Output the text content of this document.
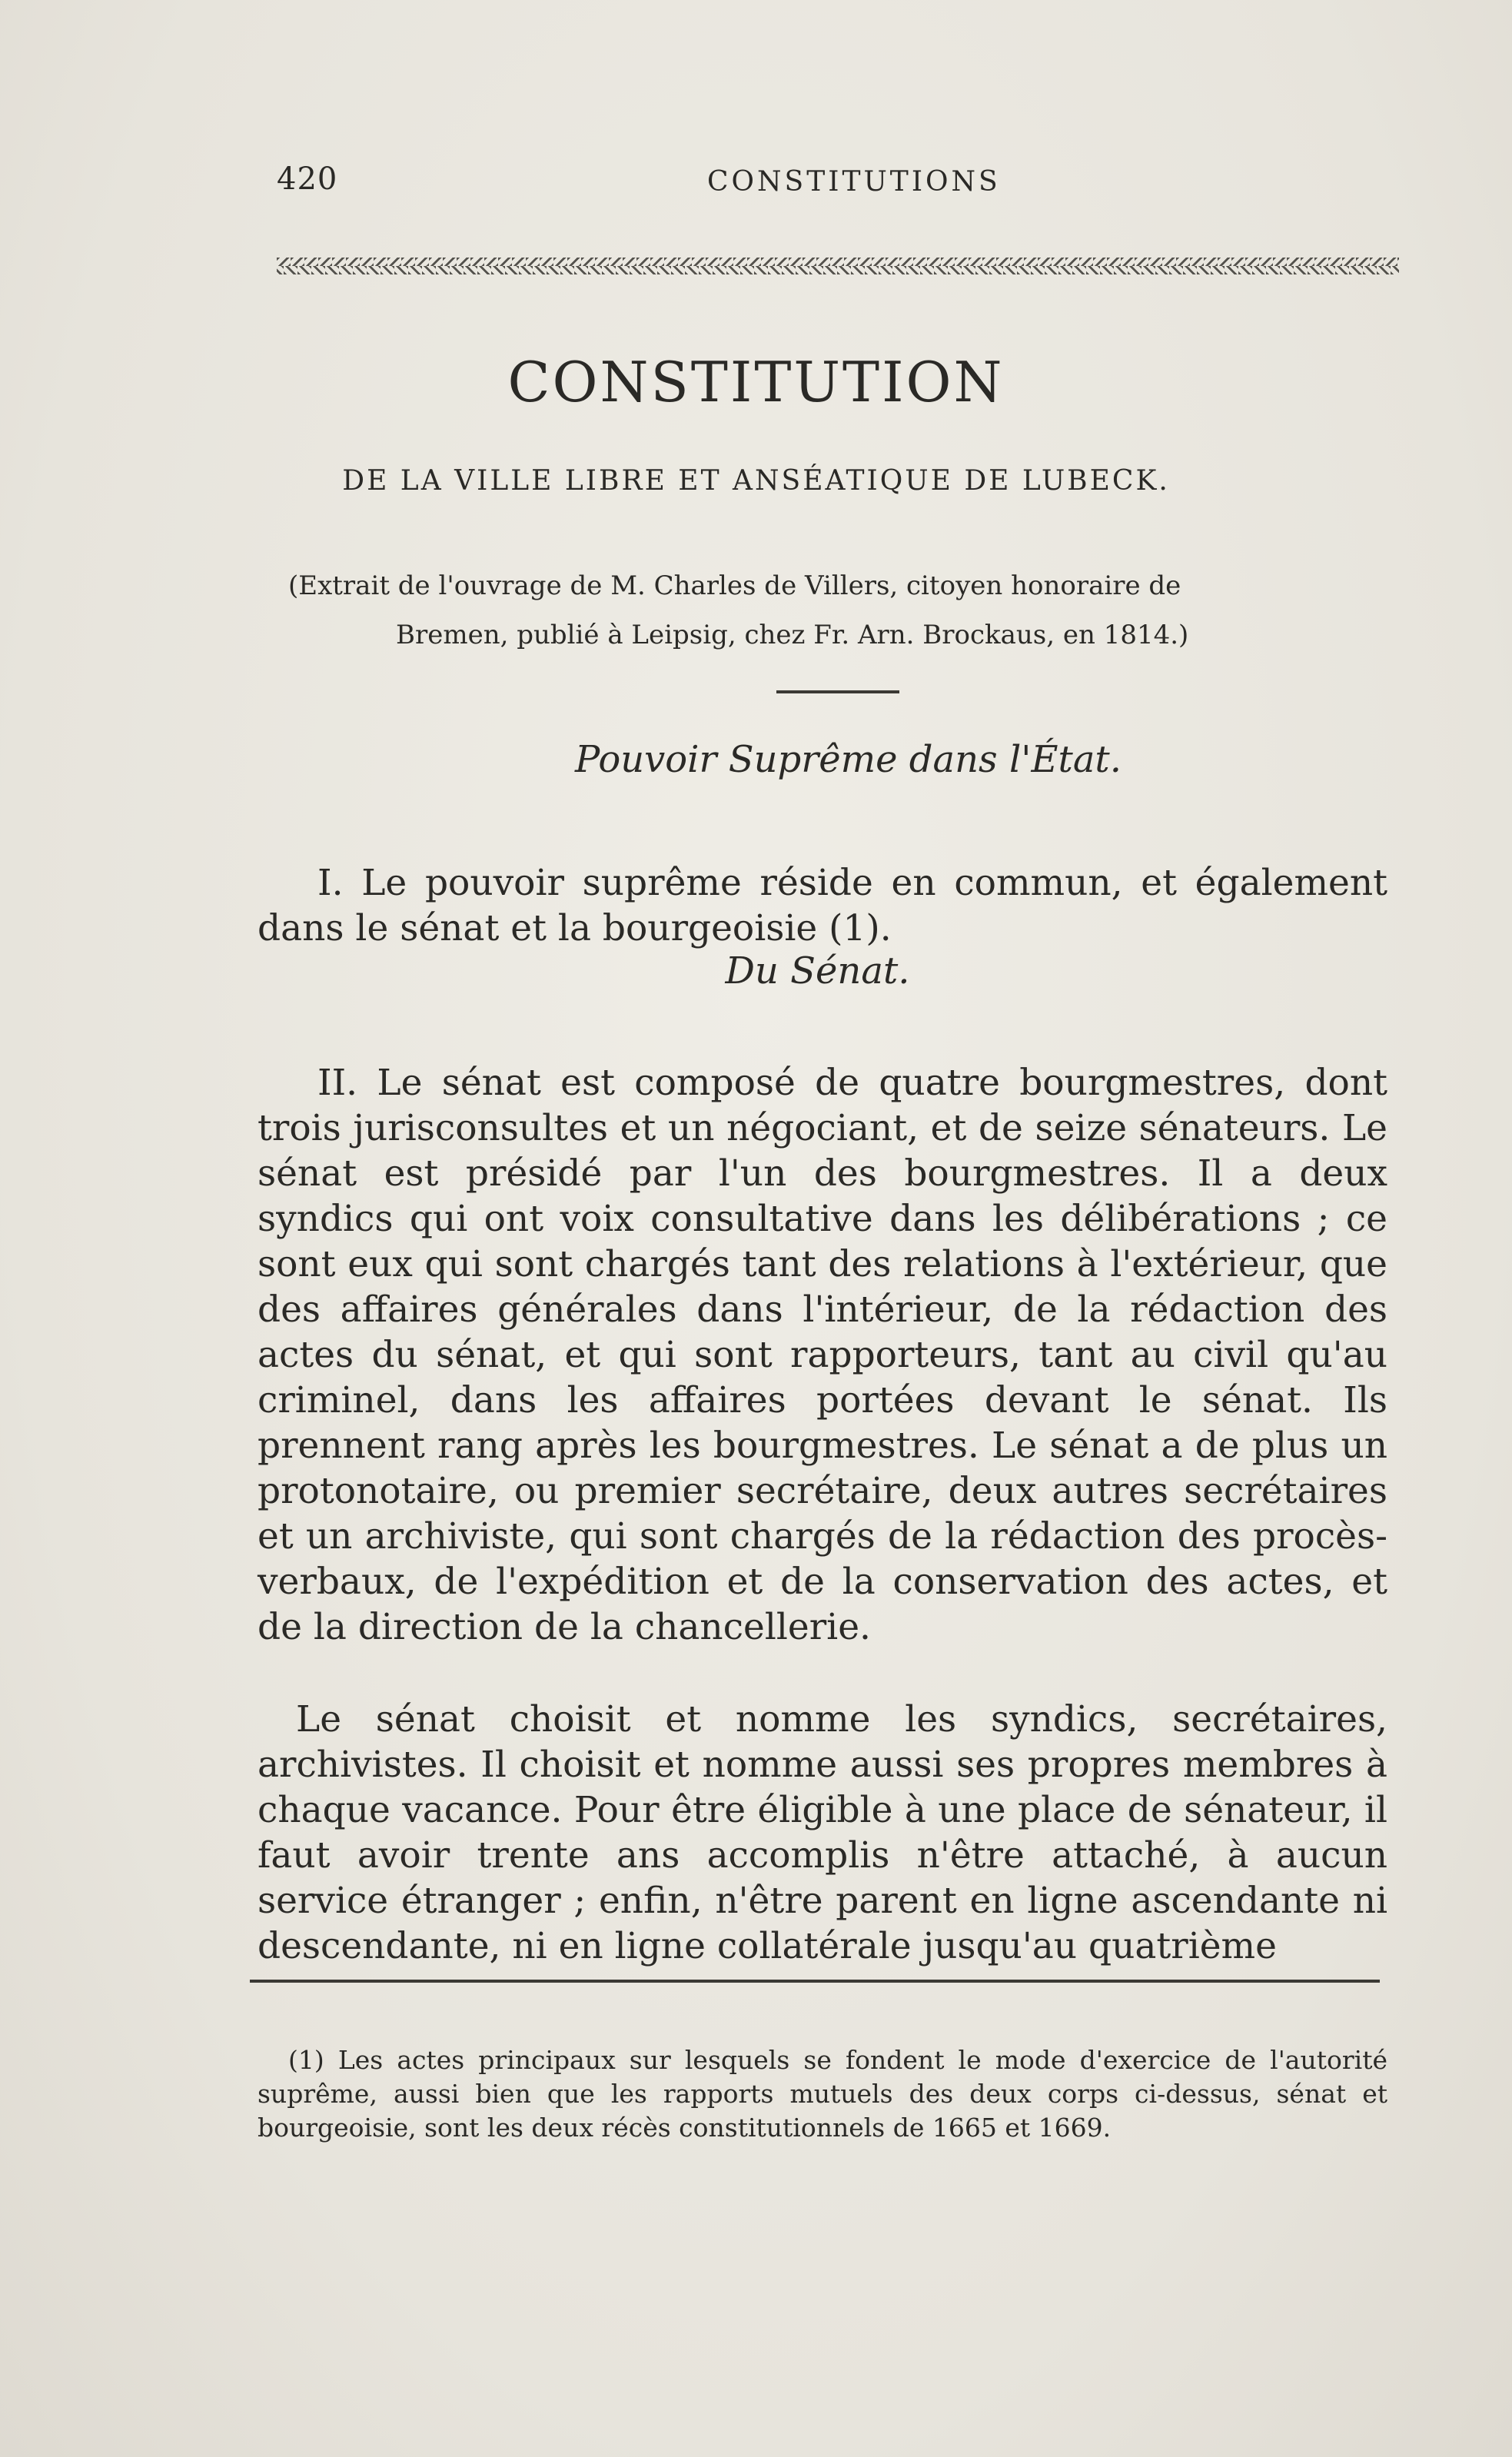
420	CONSTITUTIONS
CONSTITUTION
DE LA VILLE LIBRE ET ANSÉATIQUE DE LUBECK.
(Extrait de l'ouvrage de M. Charles de Villers, citoyen honoraire de
Bremen, publié à Leipsig, chez Fr. Arn. Brockaus, en 1814.)
Pouvoir Suprême dans l'État.

I. Le pouvoir suprême réside en commun, et également dans le sénat et la bourgeoisie (1).

Du Sénat.

II. Le sénat est composé de quatre bourgmestres, dont trois jurisconsultes et un négociant, et de seize sénateurs. Le sénat est présidé par l'un des bourgmestres. Il a deux syndics qui ont voix consultative dans les délibérations ; ce sont eux qui sont chargés tant des relations à l'extérieur, que des affaires générales dans l'intérieur, de la rédaction des actes du sénat, et qui sont rapporteurs, tant au civil qu'au criminel, dans les affaires portées devant le sénat. Ils prennent rang après les bourgmestres. Le sénat a de plus un protonotaire, ou premier secrétaire, deux autres secrétaires et un archiviste, qui sont chargés de la rédaction des procès-verbaux, de l'expédition et de la conservation des actes, et de la direction de la chancellerie.

Le sénat choisit et nomme les syndics, secrétaires, archivistes. Il choisit et nomme aussi ses propres membres à chaque vacance. Pour être éligible à une place de sénateur, il faut avoir trente ans accomplis n'être attaché, à aucun service étranger ; enfin, n'être parent en ligne ascendante ni descendante, ni en ligne collatérale jusqu'au quatrième

(1) Les actes principaux sur lesquels se fondent le mode d'exercice de l'autorité suprême, aussi bien que les rapports mutuels des deux corps ci-dessus, sénat et bourgeoisie, sont les deux récès constitutionnels de 1665 et 1669.
